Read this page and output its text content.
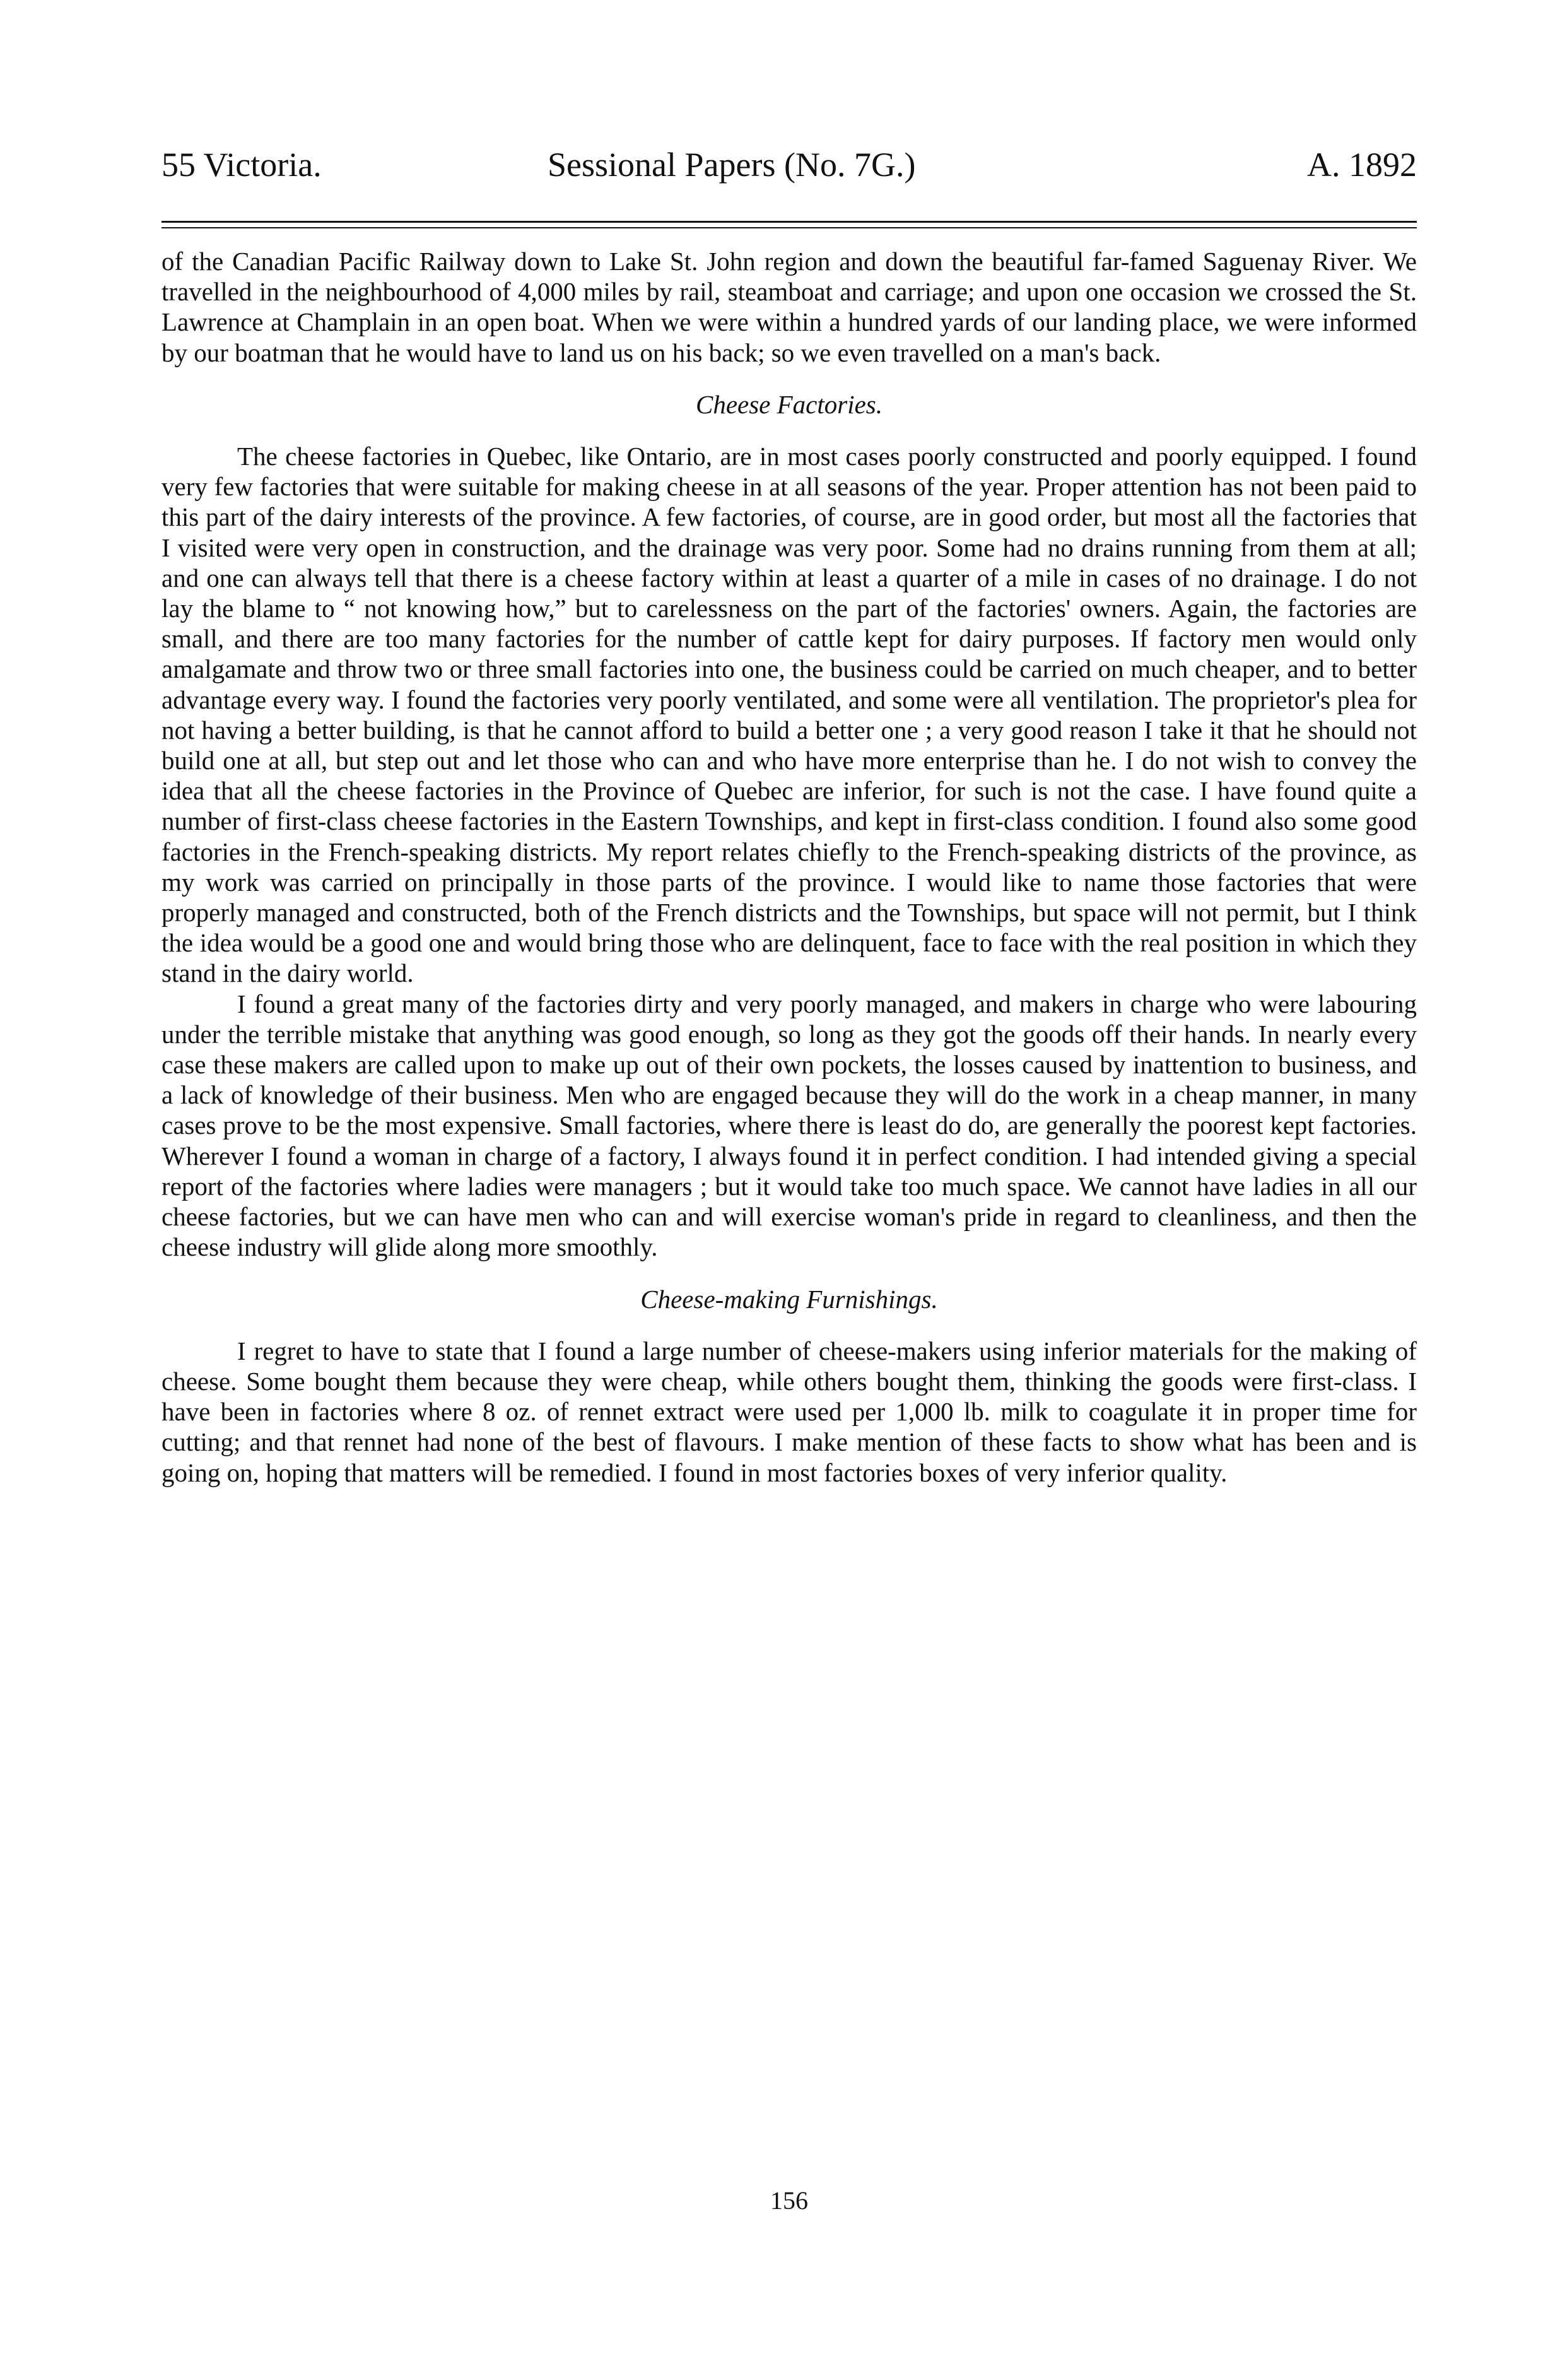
55 Victoria.	Sessional Papers (No. 7G.)	A. 1892

of the Canadian Pacific Railway down to Lake St. John region and down the beautiful far-famed Saguenay River. We travelled in the neighbourhood of 4,000 miles by rail, steamboat and carriage; and upon one occasion we crossed the St. Lawrence at Champlain in an open boat. When we were within a hundred yards of our landing place, we were informed by our boatman that he would have to land us on his back; so we even travelled on a man's back.

Cheese Factories.

The cheese factories in Quebec, like Ontario, are in most cases poorly constructed and poorly equipped. I found very few factories that were suitable for making cheese in at all seasons of the year. Proper attention has not been paid to this part of the dairy interests of the province. A few factories, of course, are in good order, but most all the factories that I visited were very open in construction, and the drainage was very poor. Some had no drains running from them at all; and one can always tell that there is a cheese factory within at least a quarter of a mile in cases of no drainage. I do not lay the blame to “ not knowing how,” but to carelessness on the part of the factories' owners. Again, the factories are small, and there are too many factories for the number of cattle kept for dairy purposes. If factory men would only amalgamate and throw two or three small factories into one, the business could be carried on much cheaper, and to better advantage every way. I found the factories very poorly ventilated, and some were all ventilation. The proprietor's plea for not having a better building, is that he cannot afford to build a better one ; a very good reason I take it that he should not build one at all, but step out and let those who can and who have more enterprise than he. I do not wish to convey the idea that all the cheese factories in the Province of Quebec are inferior, for such is not the case. I have found quite a number of first-class cheese factories in the Eastern Townships, and kept in first-class condition. I found also some good factories in the French-speaking districts. My report relates chiefly to the French-speaking districts of the province, as my work was carried on principally in those parts of the province. I would like to name those factories that were properly managed and constructed, both of the French districts and the Townships, but space will not permit, but I think the idea would be a good one and would bring those who are delinquent, face to face with the real position in which they stand in the dairy world.

I found a great many of the factories dirty and very poorly managed, and makers in charge who were labouring under the terrible mistake that anything was good enough, so long as they got the goods off their hands. In nearly every case these makers are called upon to make up out of their own pockets, the losses caused by inattention to business, and a lack of knowledge of their business. Men who are engaged because they will do the work in a cheap manner, in many cases prove to be the most expensive. Small factories, where there is least do do, are generally the poorest kept factories. Wherever I found a woman in charge of a factory, I always found it in perfect condition. I had intended giving a special report of the factories where ladies were managers ; but it would take too much space. We cannot have ladies in all our cheese factories, but we can have men who can and will exercise woman's pride in regard to cleanliness, and then the cheese industry will glide along more smoothly.

Cheese-making Furnishings.

I regret to have to state that I found a large number of cheese-makers using inferior materials for the making of cheese. Some bought them because they were cheap, while others bought them, thinking the goods were first-class. I have been in factories where 8 oz. of rennet extract were used per 1,000 lb. milk to coagulate it in proper time for cutting; and that rennet had none of the best of flavours. I make mention of these facts to show what has been and is going on, hoping that matters will be remedied. I found in most factories boxes of very inferior quality.

156
